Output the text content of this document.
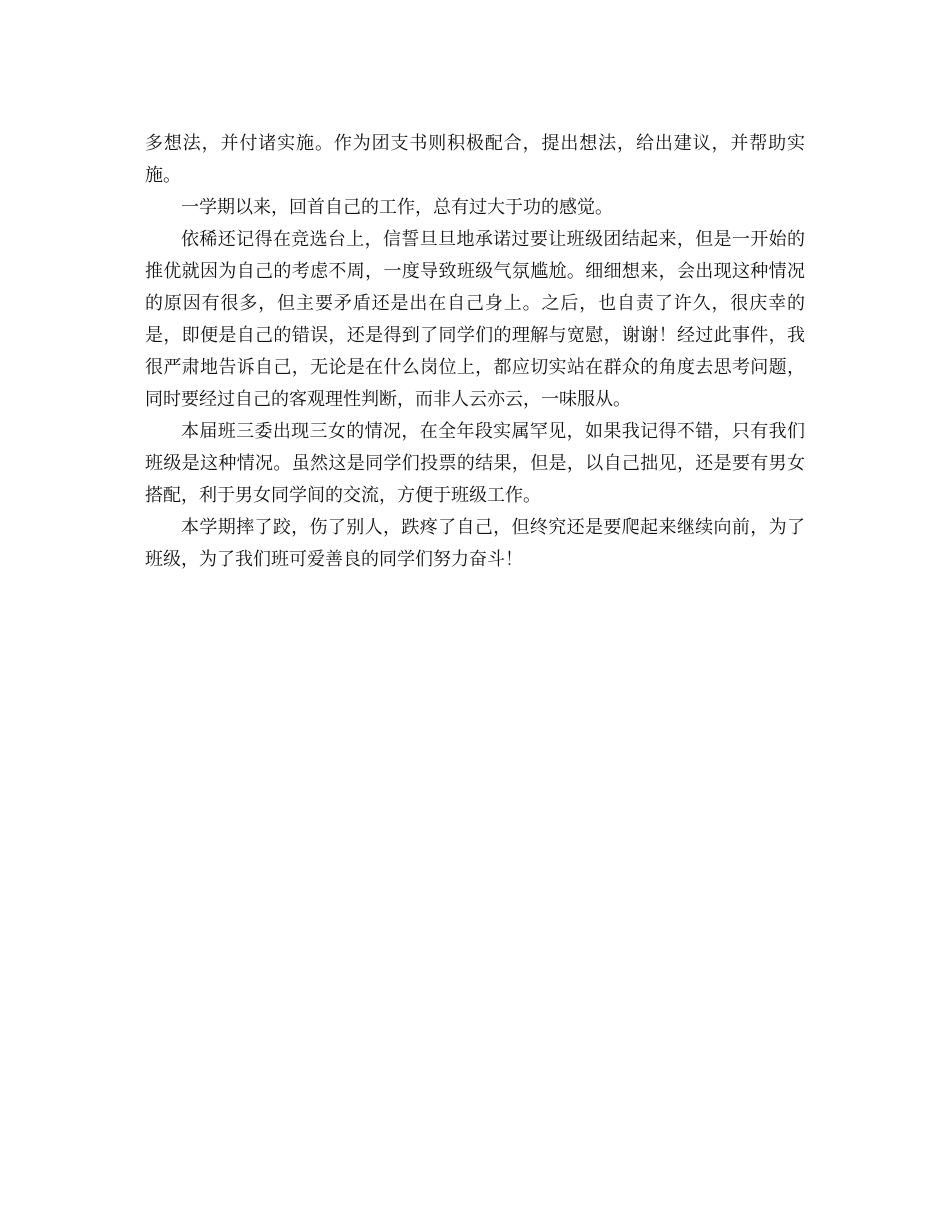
多想法，并付诸实施。作为团支书则积极配合，提出想法，给出建议，并帮助实施。

一学期以来，回首自己的工作，总有过大于功的感觉。

依稀还记得在竞选台上，信誓旦旦地承诺过要让班级团结起来，但是一开始的推优就因为自己的考虑不周，一度导致班级气氛尴尬。细细想来，会出现这种情况的原因有很多，但主要矛盾还是出在自己身上。之后，也自责了许久，很庆幸的是，即便是自己的错误，还是得到了同学们的理解与宽慰，谢谢！经过此事件，我很严肃地告诉自己，无论是在什么岗位上，都应切实站在群众的角度去思考问题，同时要经过自己的客观理性判断，而非人云亦云，一味服从。

本届班三委出现三女的情况，在全年段实属罕见，如果我记得不错，只有我们班级是这种情况。虽然这是同学们投票的结果，但是，以自己拙见，还是要有男女搭配，利于男女同学间的交流，方便于班级工作。

本学期摔了跤，伤了别人，跌疼了自己，但终究还是要爬起来继续向前，为了班级，为了我们班可爱善良的同学们努力奋斗！
